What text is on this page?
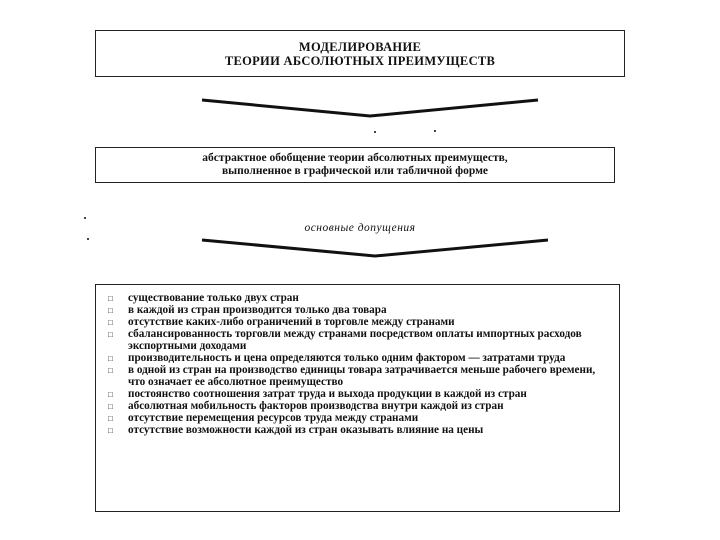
МОДЕЛИРОВАНИЕ
ТЕОРИИ АБСОЛЮТНЫХ ПРЕИМУЩЕСТВ
абстрактное обобщение теории абсолютных преимуществ,
выполненное в графической или табличной форме
основные допущения
□	существование только двух стран
□	в каждой из стран производится только два товара
□	отсутствие каких-либо ограничений в торговле между странами
□	сбалансированность торговли между странами посредством оплаты импортных расходов экспортными доходами
□	производительность и цена определяются только одним фактором — затратами труда
□	в одной из стран на производство единицы товара затрачивается меньше рабочего времени, что означает ее абсолютное преимущество
□	постоянство соотношения затрат труда и выхода продукции в каждой из стран
□	абсолютная мобильность факторов производства внутри каждой из стран
□	отсутствие перемещения ресурсов труда между странами
□	отсутствие возможности каждой из стран оказывать влияние на цены
